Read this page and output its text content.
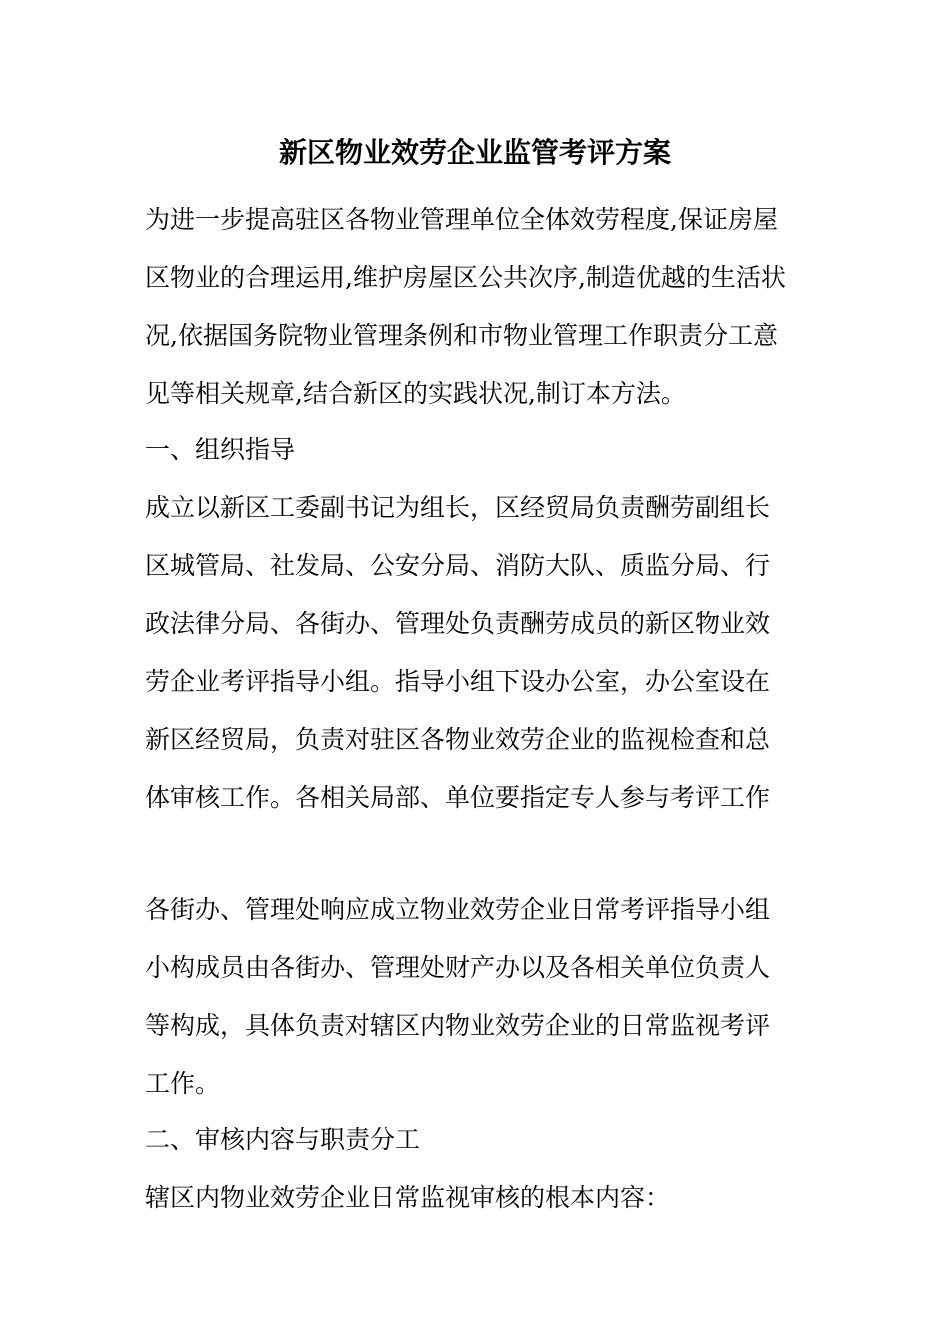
新区物业效劳企业监管考评方案
为进一步提高驻区各物业管理单位全体效劳程度,保证房屋
区物业的合理运用,维护房屋区公共次序,制造优越的生活状
况,依据国务院物业管理条例和市物业管理工作职责分工意
见等相关规章,结合新区的实践状况,制订本方法。
一、组织指导
成立以新区工委副书记为组长，区经贸局负责酬劳副组长
区城管局、社发局、公安分局、消防大队、质监分局、行
政法律分局、各街办、管理处负责酬劳成员的新区物业效
劳企业考评指导小组。指导小组下设办公室，办公室设在
新区经贸局，负责对驻区各物业效劳企业的监视检查和总
体审核工作。各相关局部、单位要指定专人参与考评工作
各街办、管理处响应成立物业效劳企业日常考评指导小组
小构成员由各街办、管理处财产办以及各相关单位负责人
等构成，具体负责对辖区内物业效劳企业的日常监视考评
工作。
二、审核内容与职责分工
辖区内物业效劳企业日常监视审核的根本内容：
